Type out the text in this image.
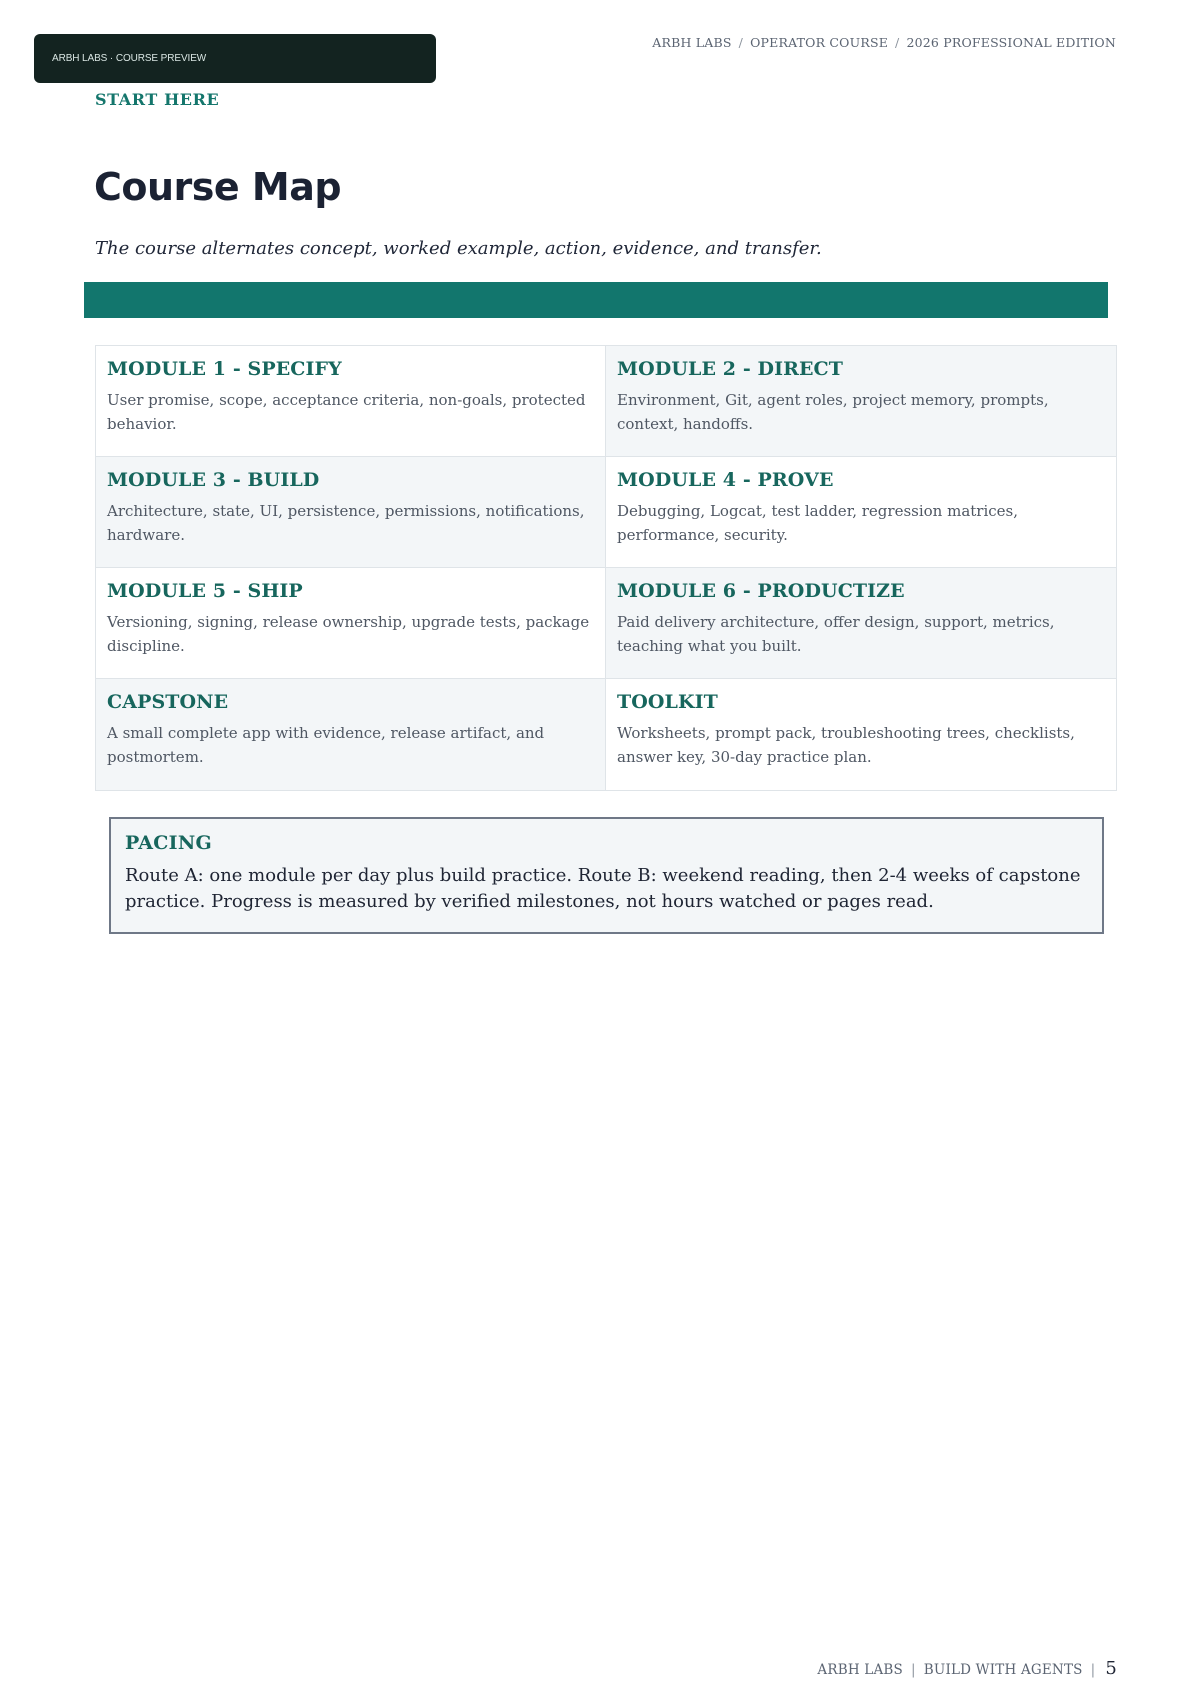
ARBH LABS · COURSE PREVIEW
ARBH LABS / OPERATOR COURSE / 2026 PROFESSIONAL EDITION
START HERE
Course Map

The course alternates concept, worked example, action, evidence, and transfer.

MODULE 1 - SPECIFY

User promise, scope, acceptance criteria, non-goals, protected behavior.

MODULE 2 - DIRECT

Environment, Git, agent roles, project memory, prompts, context, handoffs.

MODULE 3 - BUILD

Architecture, state, UI, persistence, permissions, notifications, hardware.

MODULE 4 - PROVE

Debugging, Logcat, test ladder, regression matrices, performance, security.

MODULE 5 - SHIP

Versioning, signing, release ownership, upgrade tests, package discipline.

MODULE 6 - PRODUCTIZE

Paid delivery architecture, offer design, support, metrics, teaching what you built.

CAPSTONE

A small complete app with evidence, release artifact, and postmortem.

TOOLKIT

Worksheets, prompt pack, troubleshooting trees, checklists, answer key, 30-day practice plan.

PACING

Route A: one module per day plus build practice. Route B: weekend reading, then 2-4 weeks of capstone practice. Progress is measured by verified milestones, not hours watched or pages read.

ARBH LABS | BUILD WITH AGENTS | 5
